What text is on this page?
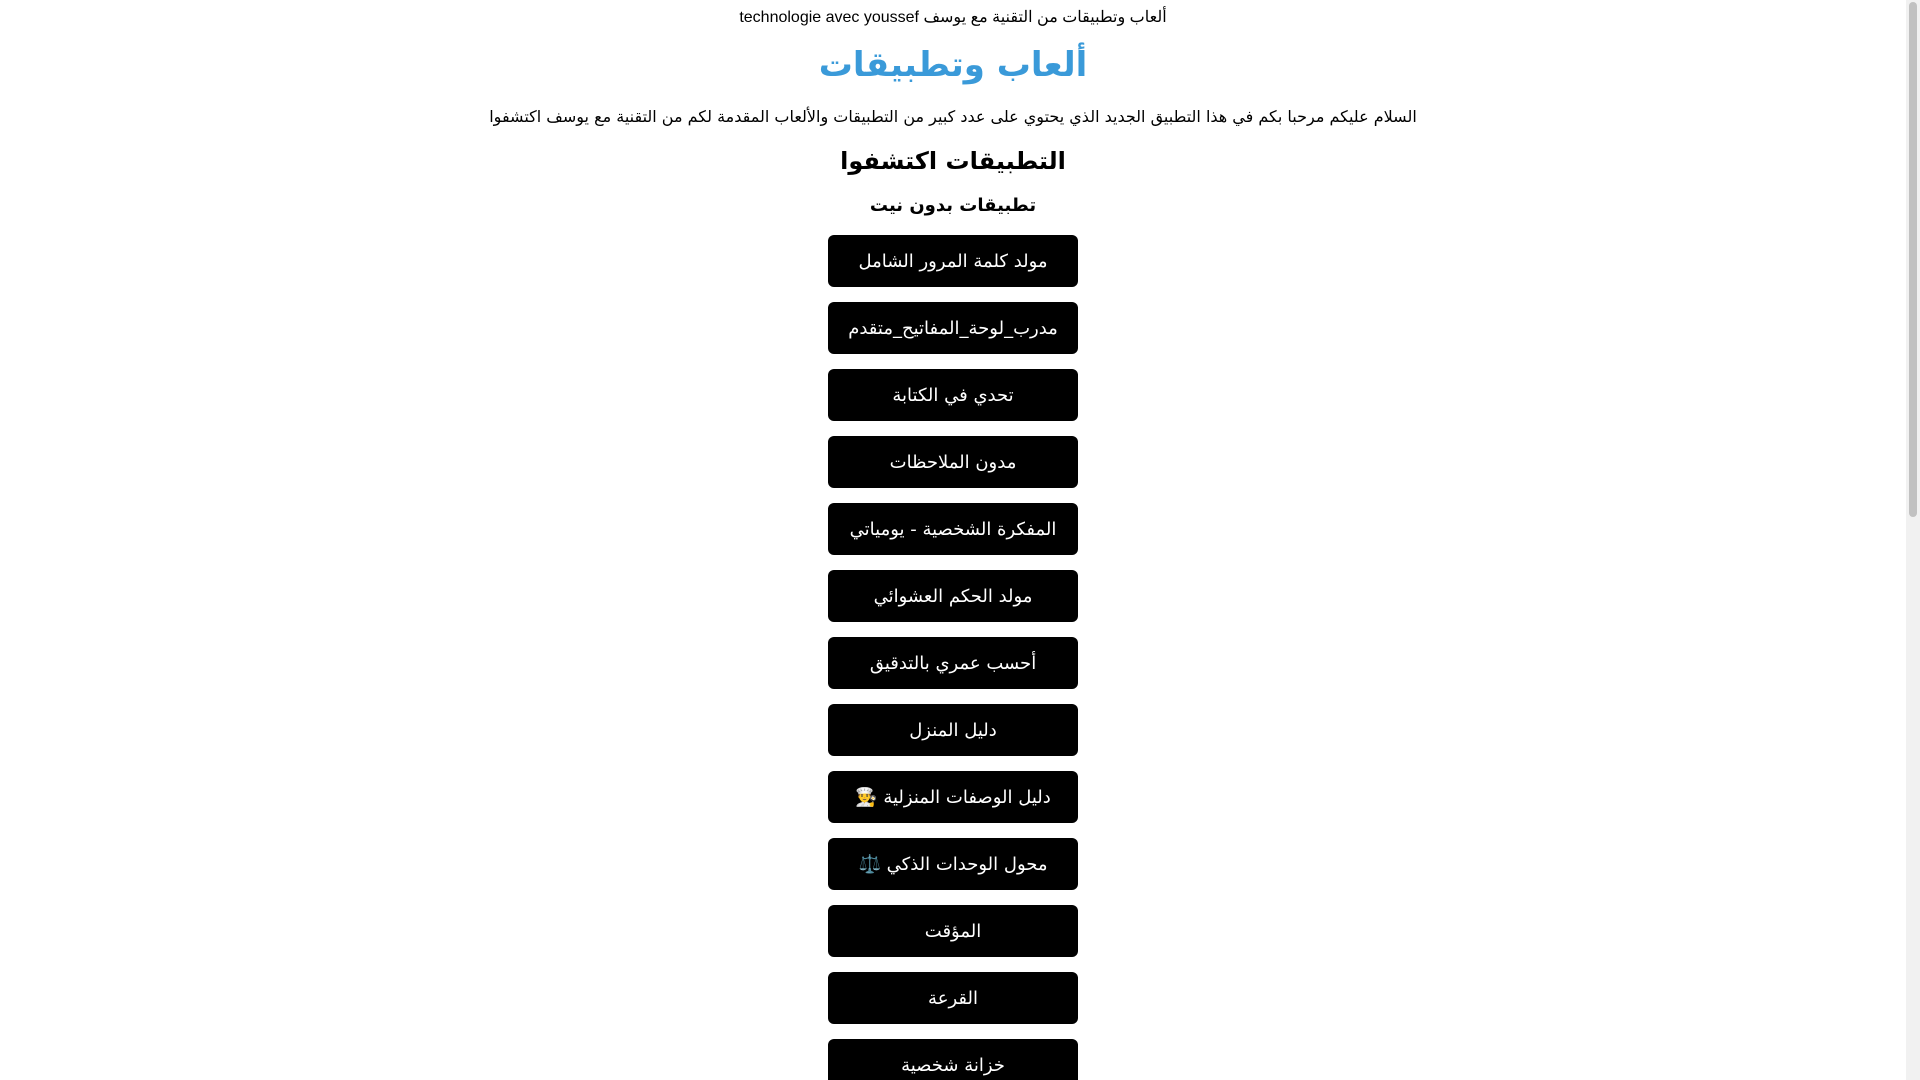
technologie avec youssef ألعاب وتطبيقات من التقنية مع يوسف
ألعاب وتطبيقات
السلام عليكم مرحبا بكم في هذا التطبيق الجديد الذي يحتوي على عدد كبير من التطبيقات والألعاب المقدمة لكم من التقنية مع يوسف اكتشفوا
التطبيقات اكتشفوا
تطبيقات بدون نيت
مولد كلمة المرور الشامل
مدرب_لوحة_المفاتيح_متقدم
تحدي في الكتابة
مدون الملاحظات
المفكرة الشخصية - يومياتي
مولد الحكم العشوائي
أحسب عمري بالتدقيق
دليل المنزل
دليل الوصفات المنزلية 👨‍🍳
محول الوحدات الذكي ⚖️
المؤقت
القرعة
خزانة شخصية
